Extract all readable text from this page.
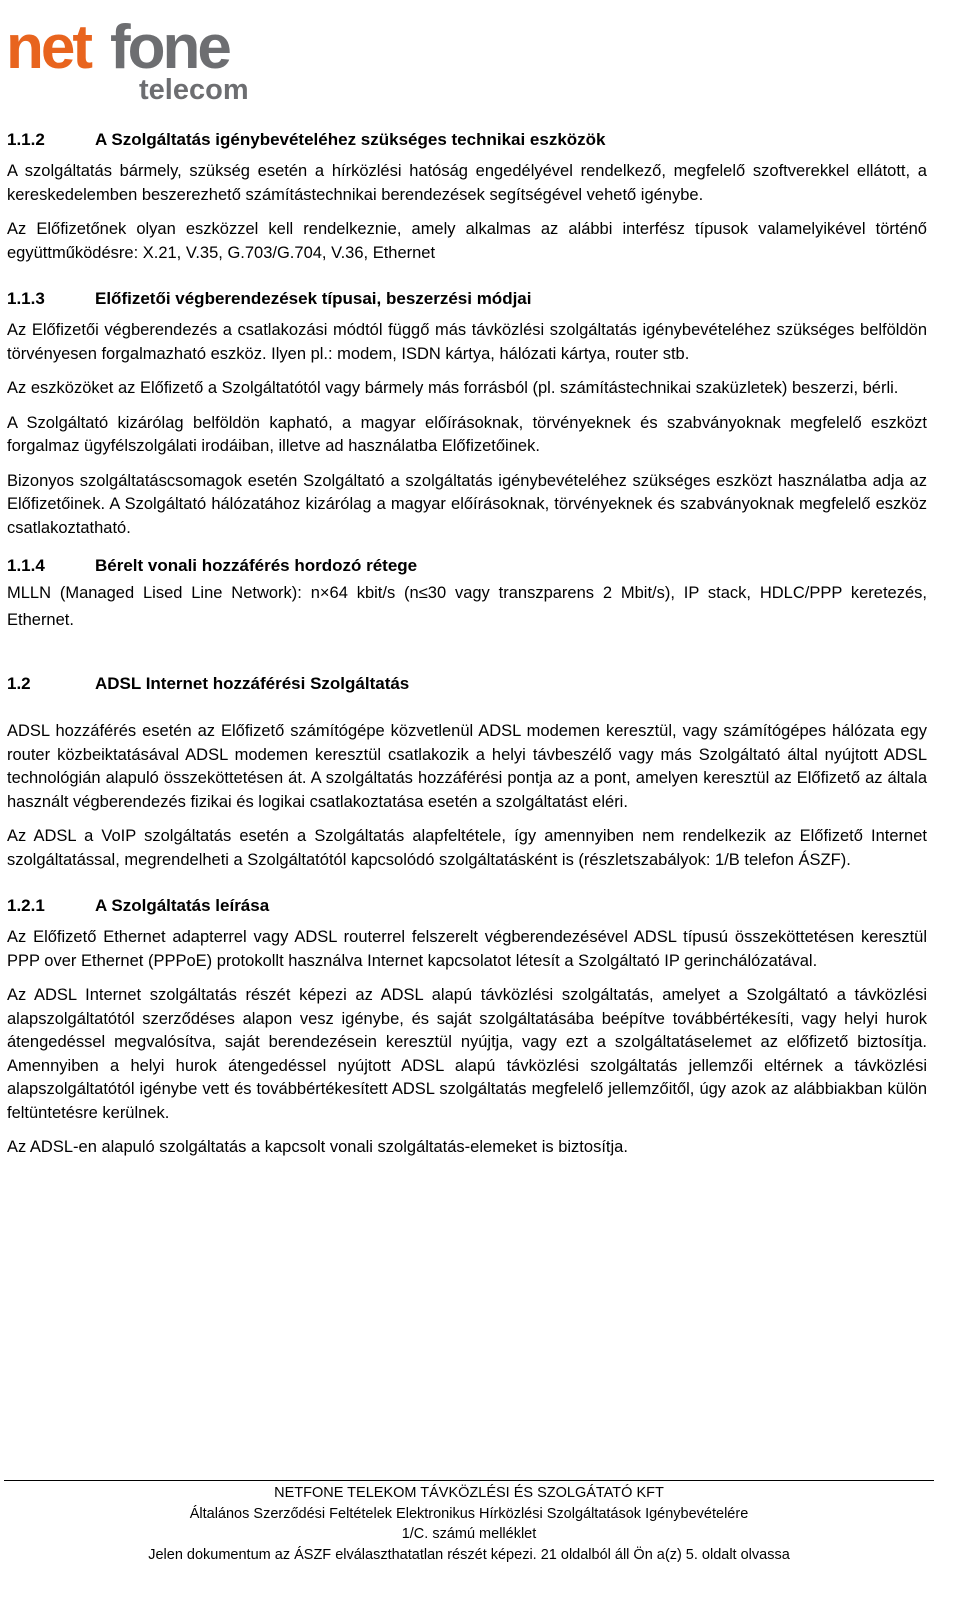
net fone
telecom
1.1.2	A Szolgáltatás igénybevételéhez szükséges technikai eszközök

A szolgáltatás bármely, szükség esetén a hírközlési hatóság engedélyével rendelkező, megfelelő szoftverekkel ellátott, a kereskedelemben beszerezhető számítástechnikai berendezések segítségével vehető igénybe.

Az Előfizetőnek olyan eszközzel kell rendelkeznie, amely alkalmas az alábbi interfész típusok valamelyikével történő együttműködésre: X.21, V.35, G.703/G.704, V.36, Ethernet

1.1.3	Előfizetői végberendezések típusai, beszerzési módjai

Az Előfizetői végberendezés a csatlakozási módtól függő más távközlési szolgáltatás igénybevételéhez szükséges belföldön törvényesen forgalmazható eszköz. Ilyen pl.: modem, ISDN kártya, hálózati kártya, router stb.

Az eszközöket az Előfizető a Szolgáltatótól vagy bármely más forrásból (pl. számítástechnikai szaküzletek) beszerzi, bérli.

A Szolgáltató kizárólag belföldön kapható, a magyar előírásoknak, törvényeknek és szabványoknak megfelelő eszközt forgalmaz ügyfélszolgálati irodáiban, illetve ad használatba Előfizetőinek.

Bizonyos szolgáltatáscsomagok esetén Szolgáltató a szolgáltatás igénybevételéhez szükséges eszközt használatba adja az Előfizetőinek. A Szolgáltató hálózatához kizárólag a magyar előírásoknak, törvényeknek és szabványoknak megfelelő eszköz csatlakoztatható.

1.1.4	Bérelt vonali hozzáférés hordozó rétege

MLLN (Managed Lised Line Network): n×64 kbit/s (n≤30 vagy transzparens 2 Mbit/s), IP stack, HDLC/PPP keretezés, Ethernet.

1.2	ADSL Internet hozzáférési Szolgáltatás

ADSL hozzáférés esetén az Előfizető számítógépe közvetlenül ADSL modemen keresztül, vagy számítógépes hálózata egy router közbeiktatásával ADSL modemen keresztül csatlakozik a helyi távbeszélő vagy más Szolgáltató által nyújtott ADSL technológián alapuló összeköttetésen át. A szolgáltatás hozzáférési pontja az a pont, amelyen keresztül az Előfizető az általa használt végberendezés fizikai és logikai csatlakoztatása esetén a szolgáltatást eléri.

Az ADSL a VoIP szolgáltatás esetén a Szolgáltatás alapfeltétele, így amennyiben nem rendelkezik az Előfizető Internet szolgáltatással, megrendelheti a Szolgáltatótól kapcsolódó szolgáltatásként is (részletszabályok: 1/B telefon ÁSZF).

1.2.1	A Szolgáltatás leírása

Az Előfizető Ethernet adapterrel vagy ADSL routerrel felszerelt végberendezésével ADSL típusú összeköttetésen keresztül PPP over Ethernet (PPPoE) protokollt használva Internet kapcsolatot létesít a Szolgáltató IP gerinchálózatával.

Az ADSL Internet szolgáltatás részét képezi az ADSL alapú távközlési szolgáltatás, amelyet a Szolgáltató a távközlési alapszolgáltatótól szerződéses alapon vesz igénybe, és saját szolgáltatásába beépítve továbbértékesíti, vagy helyi hurok átengedéssel megvalósítva, saját berendezésein keresztül nyújtja, vagy ezt a szolgáltatáselemet az előfizető biztosítja. Amennyiben a helyi hurok átengedéssel nyújtott ADSL alapú távközlési szolgáltatás jellemzői eltérnek a távközlési alapszolgáltatótól igénybe vett és továbbértékesített ADSL szolgáltatás megfelelő jellemzőitől, úgy azok az alábbiakban külön feltüntetésre kerülnek.

Az ADSL-en alapuló szolgáltatás a kapcsolt vonali szolgáltatás-elemeket is biztosítja.

NETFONE TELEKOM TÁVKÖZLÉSI ÉS SZOLGÁTATÓ KFT
Általános Szerződési Feltételek Elektronikus Hírközlési Szolgáltatások Igénybevételére
1/C. számú melléklet
Jelen dokumentum az ÁSZF elválaszthatatlan részét képezi. 21 oldalból áll Ön a(z) 5. oldalt olvassa
